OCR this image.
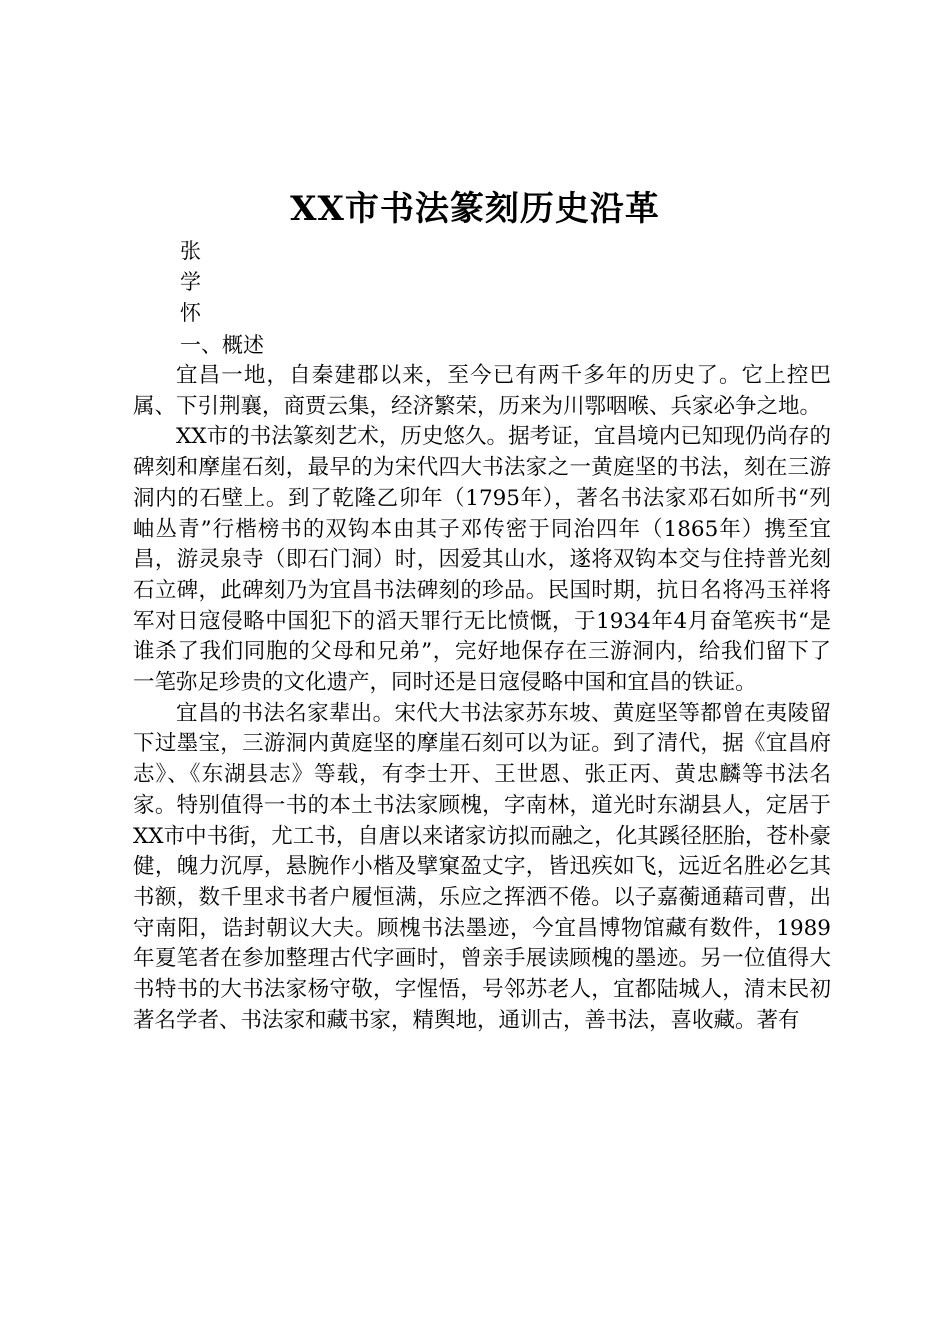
XX市书法篆刻历史沿革
张
学
怀
一、概述

宜昌一地，自秦建郡以来，至今已有两千多年的历史了。它上控巴属、下引荆襄，商贾云集，经济繁荣，历来为川鄂咽喉、兵家必争之地。

XX市的书法篆刻艺术，历史悠久。据考证，宜昌境内已知现仍尚存的碑刻和摩崖石刻，最早的为宋代四大书法家之一黄庭坚的书法，刻在三游洞内的石壁上。到了乾隆乙卯年（1795年），著名书法家邓石如所书“列岫丛青”行楷榜书的双钩本由其子邓传密于同治四年（1865年）携至宜昌，游灵泉寺（即石门洞）时，因爱其山水，遂将双钩本交与住持普光刻石立碑，此碑刻乃为宜昌书法碑刻的珍品。民国时期，抗日名将冯玉祥将军对日寇侵略中国犯下的滔天罪行无比愤慨，于1934年4月奋笔疾书“是谁杀了我们同胞的父母和兄弟”，完好地保存在三游洞内，给我们留下了一笔弥足珍贵的文化遗产，同时还是日寇侵略中国和宜昌的铁证。

宜昌的书法名家辈出。宋代大书法家苏东坡、黄庭坚等都曾在夷陵留下过墨宝，三游洞内黄庭坚的摩崖石刻可以为证。到了清代，据《宜昌府志》、《东湖县志》等载，有李士开、王世恩、张正丙、黄忠麟等书法名家。特别值得一书的本土书法家顾槐，字南林，道光时东湖县人，定居于XX市中书街，尤工书，自唐以来诸家访拟而融之，化其蹊径胚胎，苍朴豪健，魄力沉厚，悬腕作小楷及擘窠盈丈字，皆迅疾如飞，远近名胜必乞其书额，数千里求书者户履恒满，乐应之挥洒不倦。以子嘉蘅通藉司曹，出守南阳，诰封朝议大夫。顾槐书法墨迹，今宜昌博物馆藏有数件，1989年夏笔者在参加整理古代字画时，曾亲手展读顾槐的墨迹。另一位值得大书特书的大书法家杨守敬，字惺悟，号邻苏老人，宜都陆城人，清末民初著名学者、书法家和藏书家，精舆地，通训古，善书法，喜收藏。著有
